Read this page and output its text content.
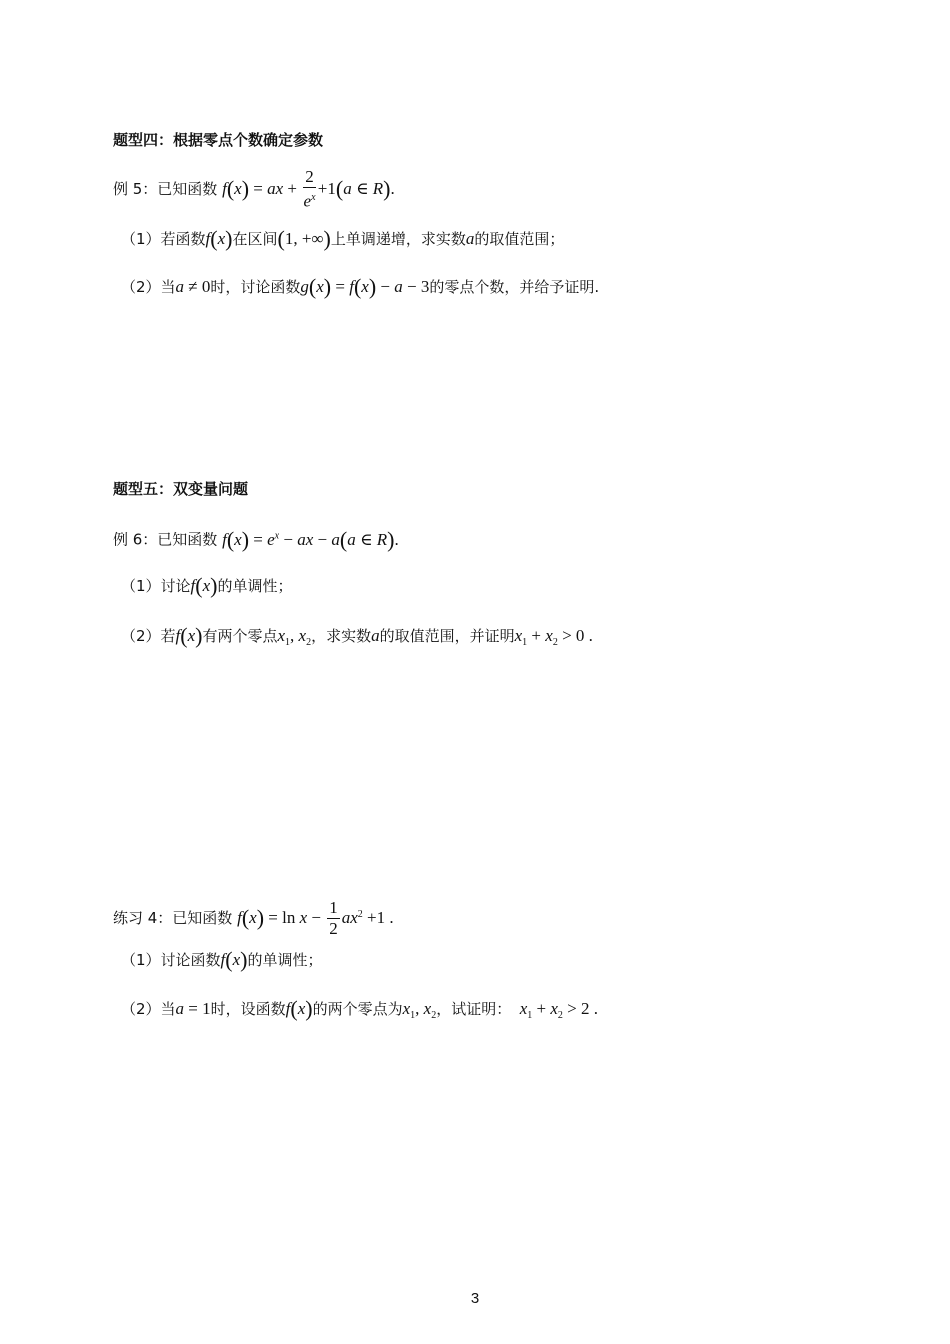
题型四：根据零点个数确定参数
例 5：已知函数 f(x) = ax + $\frac{2}{e^x} +1(a$ ∈ R).
（1）若函数f(x)在区间(1, +∞)上单调递增，求实数a的取值范围；
（2）当a ≠ 0时，讨论函数g(x) = f(x) − a − 3的零点个数，并给予证明.
题型五：双变量问题
例 6：已知函数 $f(x) = e^x$ − ax − a(a ∈ R).
（1）讨论f(x)的单调性；
（2）若f(x)有两个零点$x_1$, $x_2$，求实数a的取值范围，并证明$x_1 + x_2 > 0$ .
练习 4：已知函数 $f(x) = \ln x - \frac{1}{2} ax^2 +1$ .
（1）讨论函数f(x)的单调性；
（2）当a = 1时，设函数f(x)的两个零点为$x_1$, $x_2$，试证明： $x_1 + x_2 > 2$ .
3
